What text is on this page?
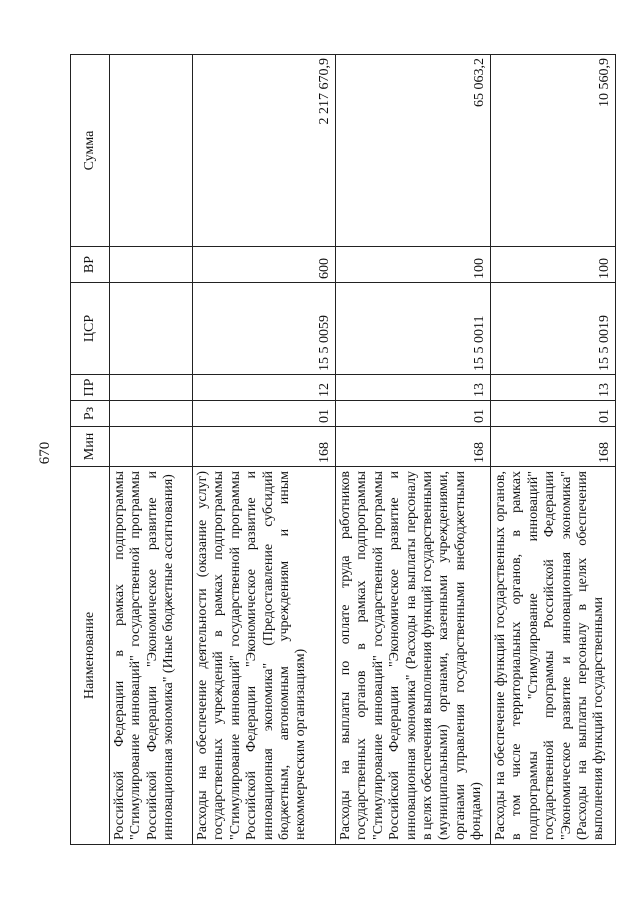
670
Наименование	Мин	Рз	ПР	ЦСР	ВР	Сумма
Российской Федерации в рамках подпрограммы "Стимулирование инноваций" государственной программы Российской Федерации "Экономическое развитие и инновационная экономика" (Иные бюджетные ассигнования)						
Расходы на обеспечение деятельности (оказание услуг) государственных учреждений в рамках подпрограммы "Стимулирование инноваций" государственной программы Российской Федерации "Экономическое развитие и инновационная экономика" (Предоставление субсидий бюджетным, автономным учреждениям и иным некоммерческим организациям)	168	01	12	15 5 0059	600	2 217 670,9
Расходы на выплаты по оплате труда работников государственных органов в рамках подпрограммы "Стимулирование инноваций" государственной программы Российской Федерации "Экономическое развитие и инновационная экономика" (Расходы на выплаты персоналу в целях обеспечения выполнения функций государственными (муниципальными) органами, казенными учреждениями, органами управления государственными внебюджетными фондами)	168	01	13	15 5 0011	100	65 063,2
Расходы на обеспечение функций государственных органов, в том числе территориальных органов, в рамках подпрограммы "Стимулирование инноваций" государственной программы Российской Федерации "Экономическое развитие и инновационная экономика" (Расходы на выплаты персоналу в целях обеспечения выполнения функций государственными	168	01	13	15 5 0019	100	10 560,9
